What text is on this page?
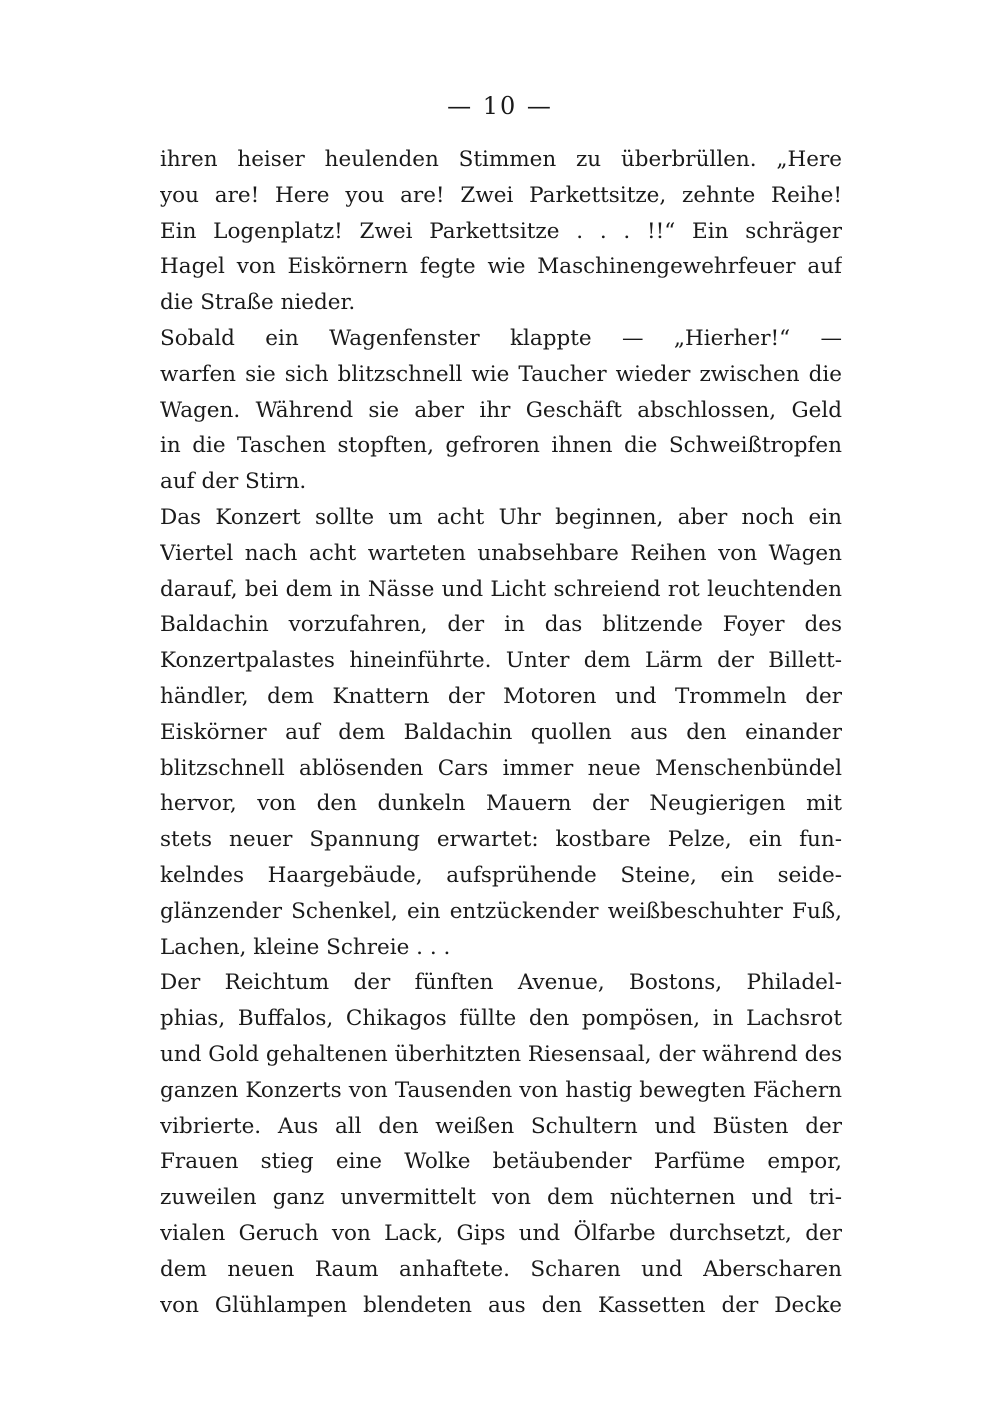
— 10 —
ihren heiser heulenden Stimmen zu überbrüllen. „Here
you are! Here you are! Zwei Parkettsitze, zehnte Reihe!
Ein Logenplatz! Zwei Parkettsitze . . . !!“ Ein schräger
Hagel von Eiskörnern fegte wie Maschinengewehrfeuer auf
die Straße nieder.
Sobald ein Wagenfenster klappte — „Hierher!“ —
warfen sie sich blitzschnell wie Taucher wieder zwischen die
Wagen. Während sie aber ihr Geschäft abschlossen, Geld
in die Taschen stopften, gefroren ihnen die Schweißtropfen
auf der Stirn.
Das Konzert sollte um acht Uhr beginnen, aber noch ein
Viertel nach acht warteten unabsehbare Reihen von Wagen
darauf, bei dem in Nässe und Licht schreiend rot leuchtenden
Baldachin vorzufahren, der in das blitzende Foyer des
Konzertpalastes hineinführte. Unter dem Lärm der Billett-
händler, dem Knattern der Motoren und Trommeln der
Eiskörner auf dem Baldachin quollen aus den einander
blitzschnell ablösenden Cars immer neue Menschenbündel
hervor, von den dunkeln Mauern der Neugierigen mit
stets neuer Spannung erwartet: kostbare Pelze, ein fun-
kelndes Haargebäude, aufsprühende Steine, ein seide-
glänzender Schenkel, ein entzückender weißbeschuhter Fuß,
Lachen, kleine Schreie . . .
Der Reichtum der fünften Avenue, Bostons, Philadel-
phias, Buffalos, Chikagos füllte den pompösen, in Lachsrot
und Gold gehaltenen überhitzten Riesensaal, der während des
ganzen Konzerts von Tausenden von hastig bewegten Fächern
vibrierte. Aus all den weißen Schultern und Büsten der
Frauen stieg eine Wolke betäubender Parfüme empor,
zuweilen ganz unvermittelt von dem nüchternen und tri-
vialen Geruch von Lack, Gips und Ölfarbe durchsetzt, der
dem neuen Raum anhaftete. Scharen und Aberscharen
von Glühlampen blendeten aus den Kassetten der Decke
